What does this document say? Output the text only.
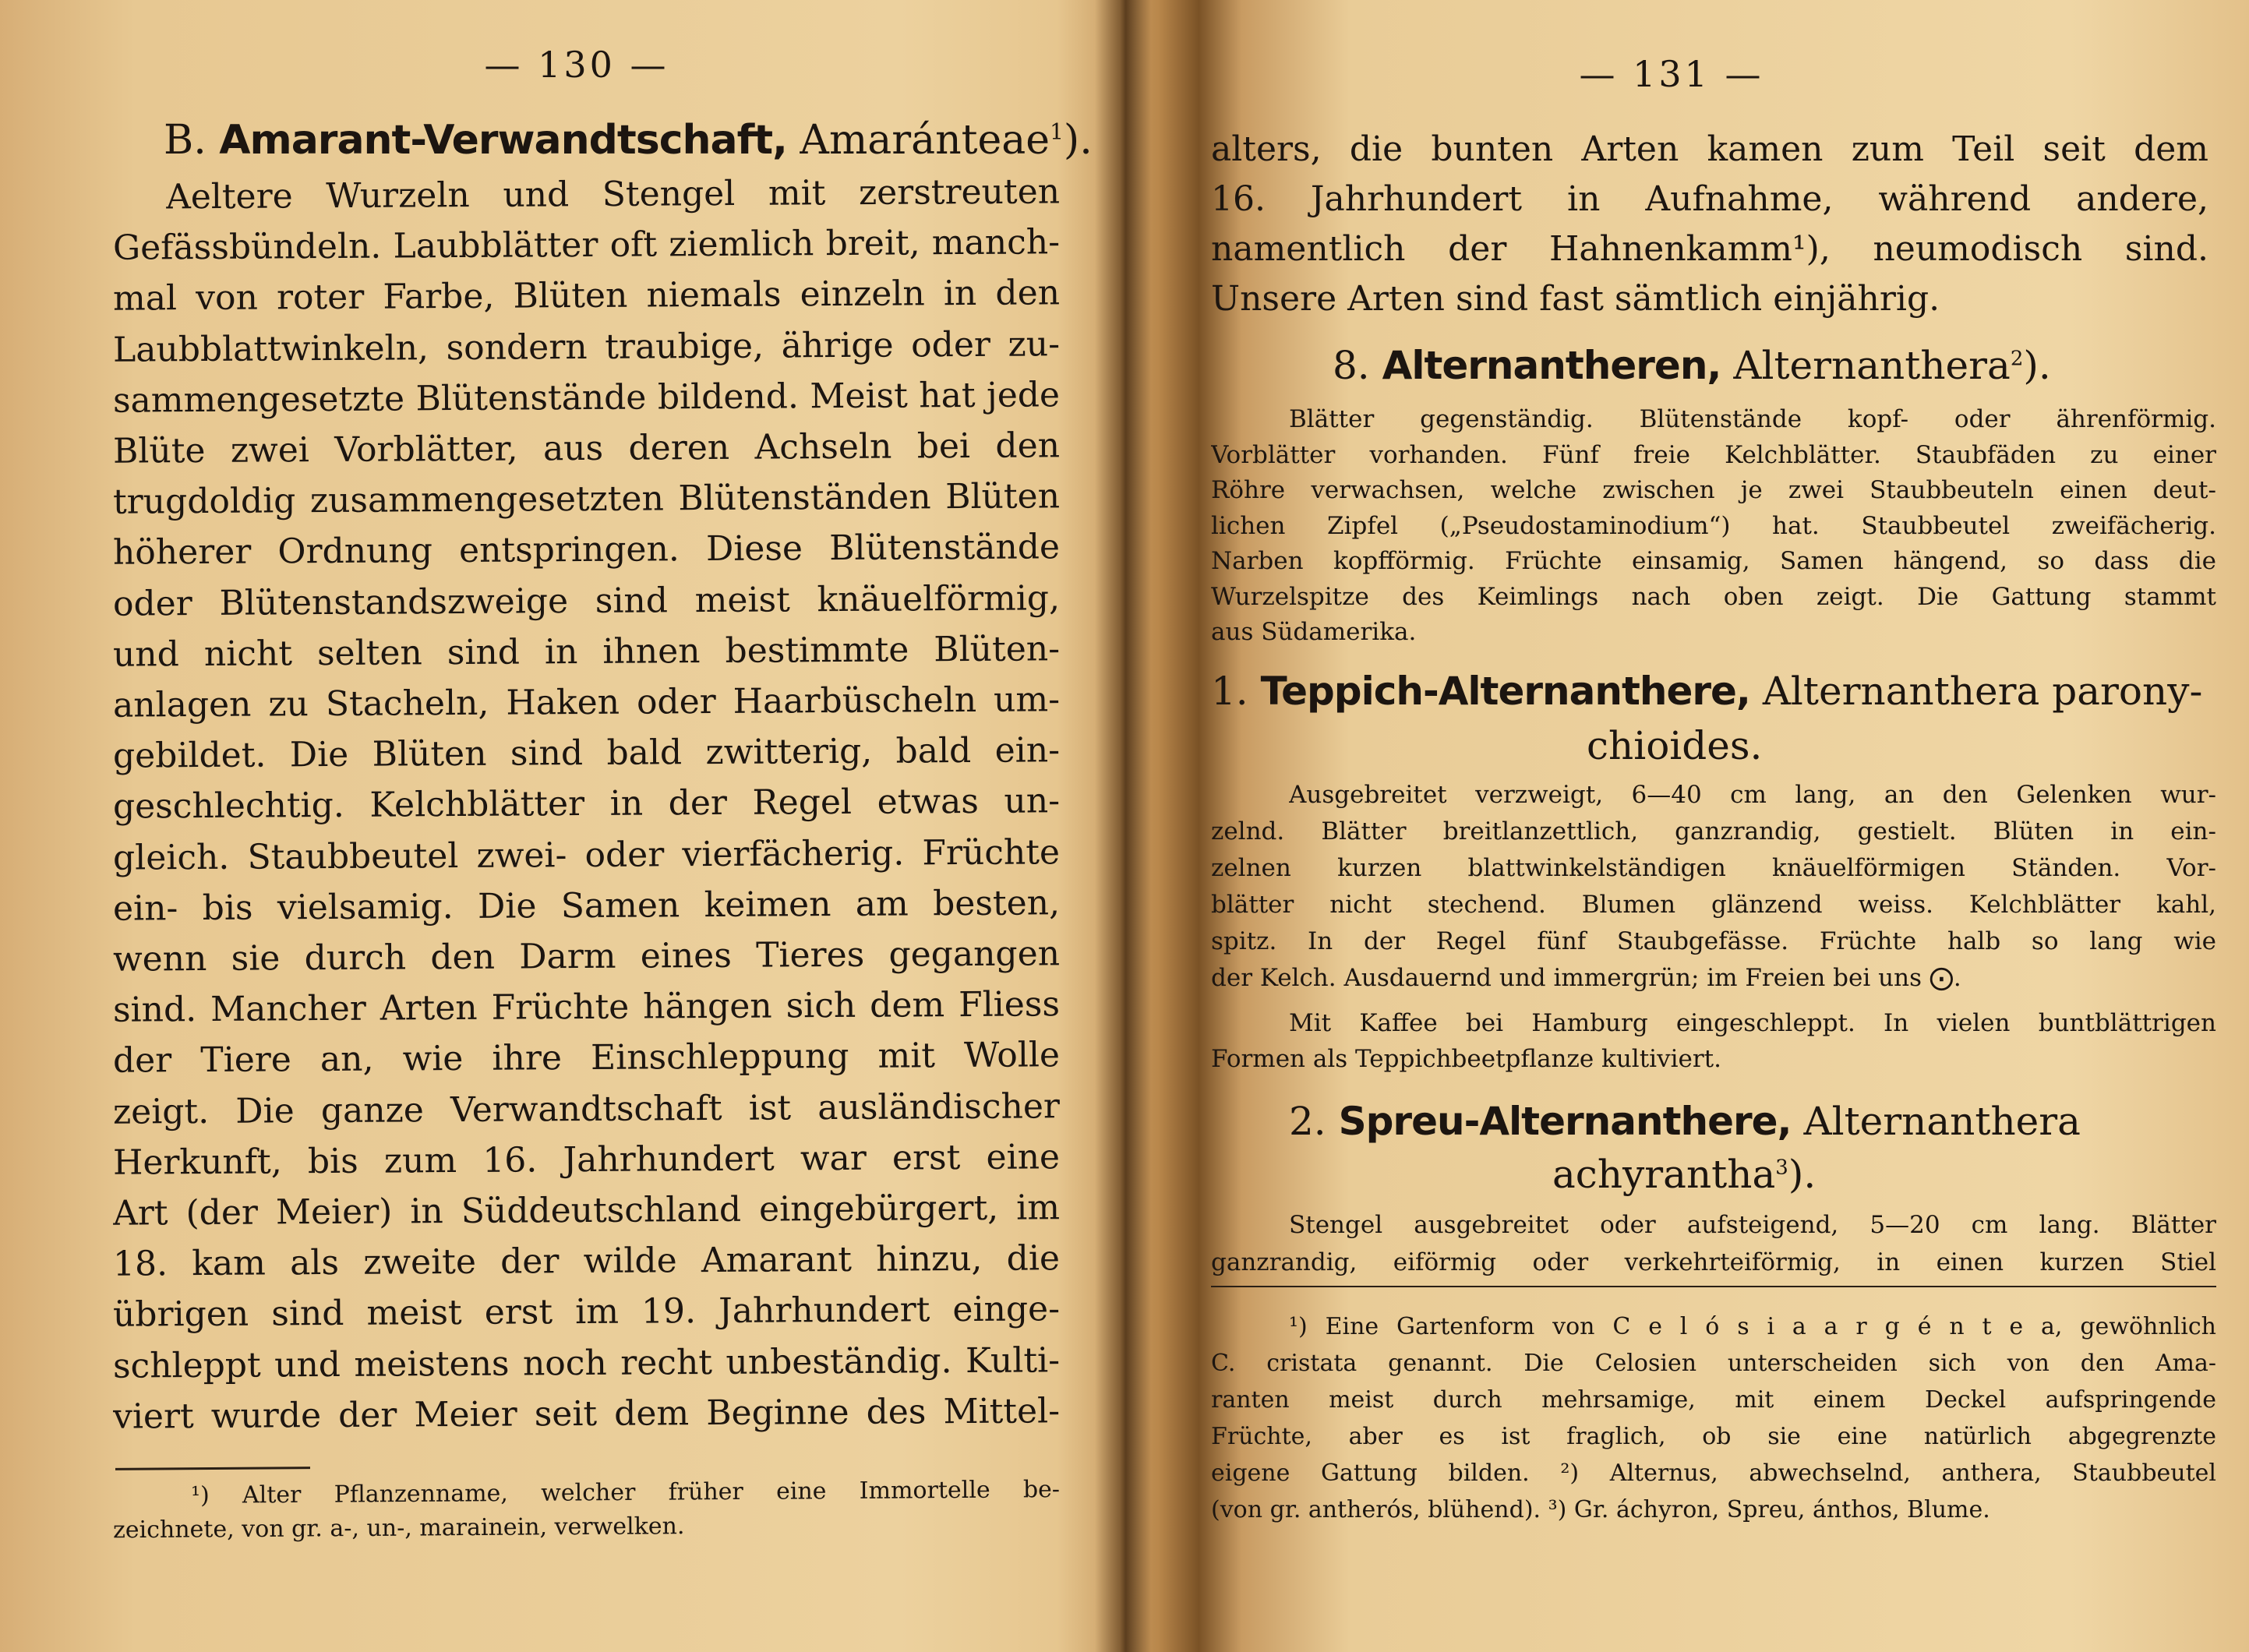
— 130 —
B. Amarant-Verwandtschaft, Amaránteae$^1$).
Aeltere Wurzeln und Stengel mit zerstreuten
Gefässbündeln. Laubblätter oft ziemlich breit, manch-
mal von roter Farbe, Blüten niemals einzeln in den
Laubblattwinkeln, sondern traubige, ährige oder zu-
sammengesetzte Blütenstände bildend. Meist hat jede
Blüte zwei Vorblätter, aus deren Achseln bei den
trugdoldig zusammengesetzten Blütenständen Blüten
höherer Ordnung entspringen. Diese Blütenstände
oder Blütenstandszweige sind meist knäuelförmig,
und nicht selten sind in ihnen bestimmte Blüten-
anlagen zu Stacheln, Haken oder Haarbüscheln um-
gebildet. Die Blüten sind bald zwitterig, bald ein-
geschlechtig. Kelchblätter in der Regel etwas un-
gleich. Staubbeutel zwei- oder vierfächerig. Früchte
ein- bis vielsamig. Die Samen keimen am besten,
wenn sie durch den Darm eines Tieres gegangen
sind. Mancher Arten Früchte hängen sich dem Fliess
der Tiere an, wie ihre Einschleppung mit Wolle
zeigt. Die ganze Verwandtschaft ist ausländischer
Herkunft, bis zum 16. Jahrhundert war erst eine
Art (der Meier) in Süddeutschland eingebürgert, im
18. kam als zweite der wilde Amarant hinzu, die
übrigen sind meist erst im 19. Jahrhundert einge-
schleppt und meistens noch recht unbeständig. Kulti-
viert wurde der Meier seit dem Beginne des Mittel-
¹) Alter Pflanzenname, welcher früher eine Immortelle be-
zeichnete, von gr. a-, un-, marainein, verwelken.
— 131 —
alters, die bunten Arten kamen zum Teil seit dem
16. Jahrhundert in Aufnahme, während andere,
namentlich der Hahnenkamm¹), neumodisch sind.
Unsere Arten sind fast sämtlich einjährig.
8. Alternantheren, Alternanthera$^2$).
Blätter gegenständig. Blütenstände kopf- oder ährenförmig.
Vorblätter vorhanden. Fünf freie Kelchblätter. Staubfäden zu einer
Röhre verwachsen, welche zwischen je zwei Staubbeuteln einen deut-
lichen Zipfel („Pseudostaminodium“) hat. Staubbeutel zweifächerig.
Narben kopfförmig. Früchte einsamig, Samen hängend, so dass die
Wurzelspitze des Keimlings nach oben zeigt. Die Gattung stammt
aus Südamerika.
1. Teppich-Alternanthere, Alternanthera parony-
chioides.
Ausgebreitet verzweigt, 6—40 cm lang, an den Gelenken wur-
zelnd. Blätter breitlanzettlich, ganzrandig, gestielt. Blüten in ein-
zelnen kurzen blattwinkelständigen knäuelförmigen Ständen. Vor-
blätter nicht stechend. Blumen glänzend weiss. Kelchblätter kahl,
spitz. In der Regel fünf Staubgefässe. Früchte halb so lang wie
der Kelch. Ausdauernd und immergrün; im Freien bei uns ⨀.
Mit Kaffee bei Hamburg eingeschleppt. In vielen buntblättrigen
Formen als Teppichbeetpflanze kultiviert.
2. Spreu-Alternanthere, Alternanthera
achyrantha$^3$).
Stengel ausgebreitet oder aufsteigend, 5—20 cm lang. Blätter
ganzrandig, eiförmig oder verkehrteiförmig, in einen kurzen Stiel
¹) Eine Gartenform von C e l ó s i a a r g é n t e a, gewöhnlich
C. cristata genannt. Die Celosien unterscheiden sich von den Ama-
ranten meist durch mehrsamige, mit einem Deckel aufspringende
Früchte, aber es ist fraglich, ob sie eine natürlich abgegrenzte
eigene Gattung bilden. ²) Alternus, abwechselnd, anthera, Staubbeutel
(von gr. antherós, blühend). ³) Gr. áchyron, Spreu, ánthos, Blume.
